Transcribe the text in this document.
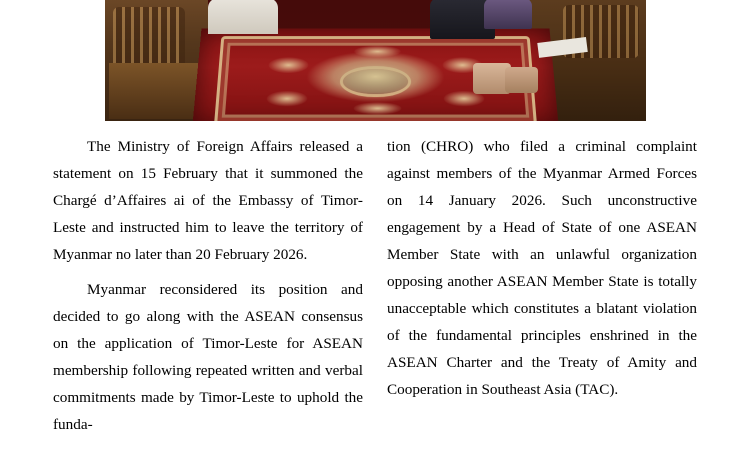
The Ministry of Foreign Affairs released a statement on 15 February that it summoned the Chargé d’Affaires ai of the Embassy of Timor-Leste and instructed him to leave the territory of Myanmar no later than 20 February 2026.

Myanmar reconsidered its position and decided to go along with the ASEAN consensus on the application of Timor-Leste for ASEAN membership following repeated written and verbal commitments made by Timor-Leste to uphold the funda-

tion (CHRO) who filed a criminal complaint against members of the Myanmar Armed Forces on 14 January 2026. Such unconstructive engagement by a Head of State of one ASEAN Member State with an unlawful organization opposing another ASEAN Member State is totally unacceptable which constitutes a blatant violation of the fundamental principles enshrined in the ASEAN Charter and the Treaty of Amity and Cooperation in Southeast Asia (TAC).
